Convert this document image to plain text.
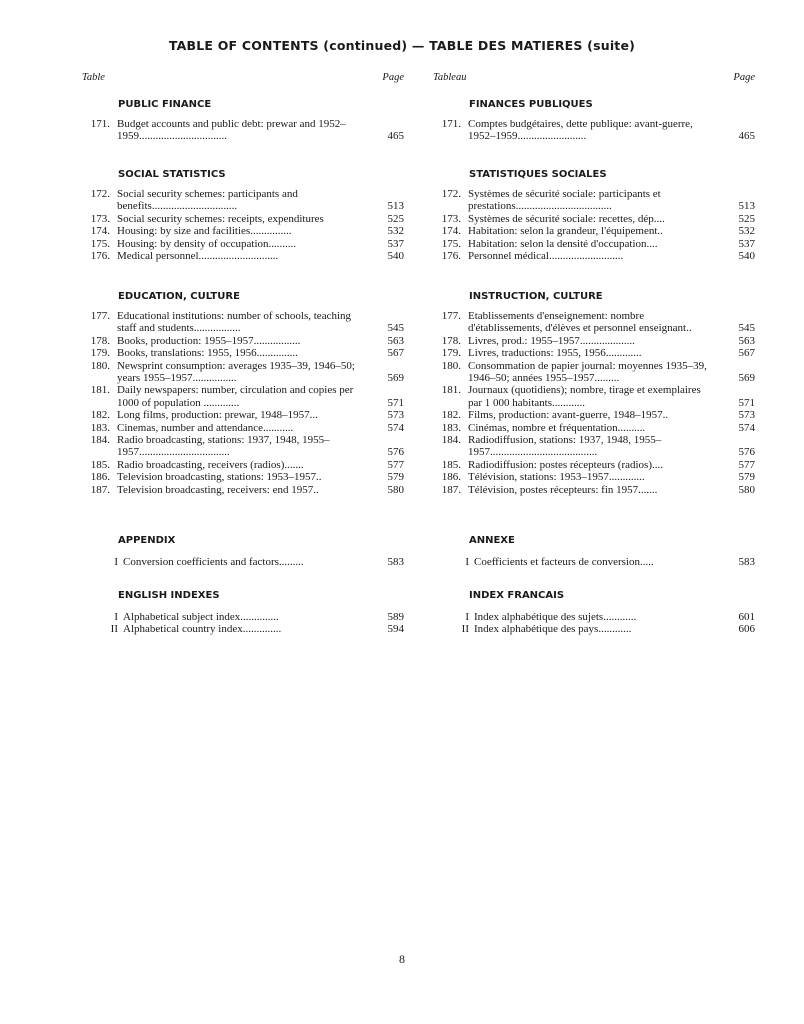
TABLE OF CONTENTS (continued) — TABLE DES MATIERES (suite)
Table	Page
PUBLIC FINANCE
171. Budget accounts and public debt: prewar and 1952–1959................................	465
SOCIAL STATISTICS
172. Social security schemes: participants and benefits...............................	513
173. Social security schemes: receipts, expenditures	525
174. Housing: by size and facilities...............	532
175. Housing: by density of occupation..........	537
176. Medical personnel.............................	540
EDUCATION, CULTURE
177. Educational institutions: number of schools, teaching staff and students.................	545
178. Books, production: 1955–1957.................	563
179. Books, translations: 1955, 1956...............	567
180. Newsprint consumption: averages 1935–39, 1946–50; years 1955–1957................	569
181. Daily newspapers: number, circulation and copies per 1000 of population .............	571
182. Long films, production: prewar, 1948–1957...	573
183. Cinemas, number and attendance...........	574
184. Radio broadcasting, stations: 1937, 1948, 1955–1957.................................	576
185. Radio broadcasting, receivers (radios).......	577
186. Television broadcasting, stations: 1953–1957..	579
187. Television broadcasting, receivers: end 1957..	580
APPENDIX
I Conversion coefficients and factors.........	583
ENGLISH INDEXES
I Alphabetical subject index..............	589
II Alphabetical country index..............	594
Tableau	Page
FINANCES PUBLIQUES
171. Comptes budgétaires, dette publique: avant-guerre, 1952–1959.........................	465
STATISTIQUES SOCIALES
172. Systèmes de sécurité sociale: participants et prestations...................................	513
173. Systèmes de sécurité sociale: recettes, dép....	525
174. Habitation: selon la grandeur, l'équipement..	532
175. Habitation: selon la densité d'occupation....	537
176. Personnel médical...........................	540
INSTRUCTION, CULTURE
177. Etablissements d'enseignement: nombre d'établissements, d'élèves et personnel enseignant..	545
178. Livres, prod.: 1955–1957....................	563
179. Livres, traductions: 1955, 1956.............	567
180. Consommation de papier journal: moyennes 1935–39, 1946–50; années 1955–1957.........	569
181. Journaux (quotidiens); nombre, tirage et exemplaires par 1 000 habitants............	571
182. Films, production: avant-guerre, 1948–1957..	573
183. Cinémas, nombre et fréquentation..........	574
184. Radiodiffusion, stations: 1937, 1948, 1955–1957.......................................	576
185. Radiodiffusion: postes récepteurs (radios)....	577
186. Télévision, stations: 1953–1957.............	579
187. Télévision, postes récepteurs: fin 1957.......	580
ANNEXE
I Coefficients et facteurs de conversion.....	583
INDEX FRANCAIS
I Index alphabétique des sujets............	601
II Index alphabétique des pays............	606

8
